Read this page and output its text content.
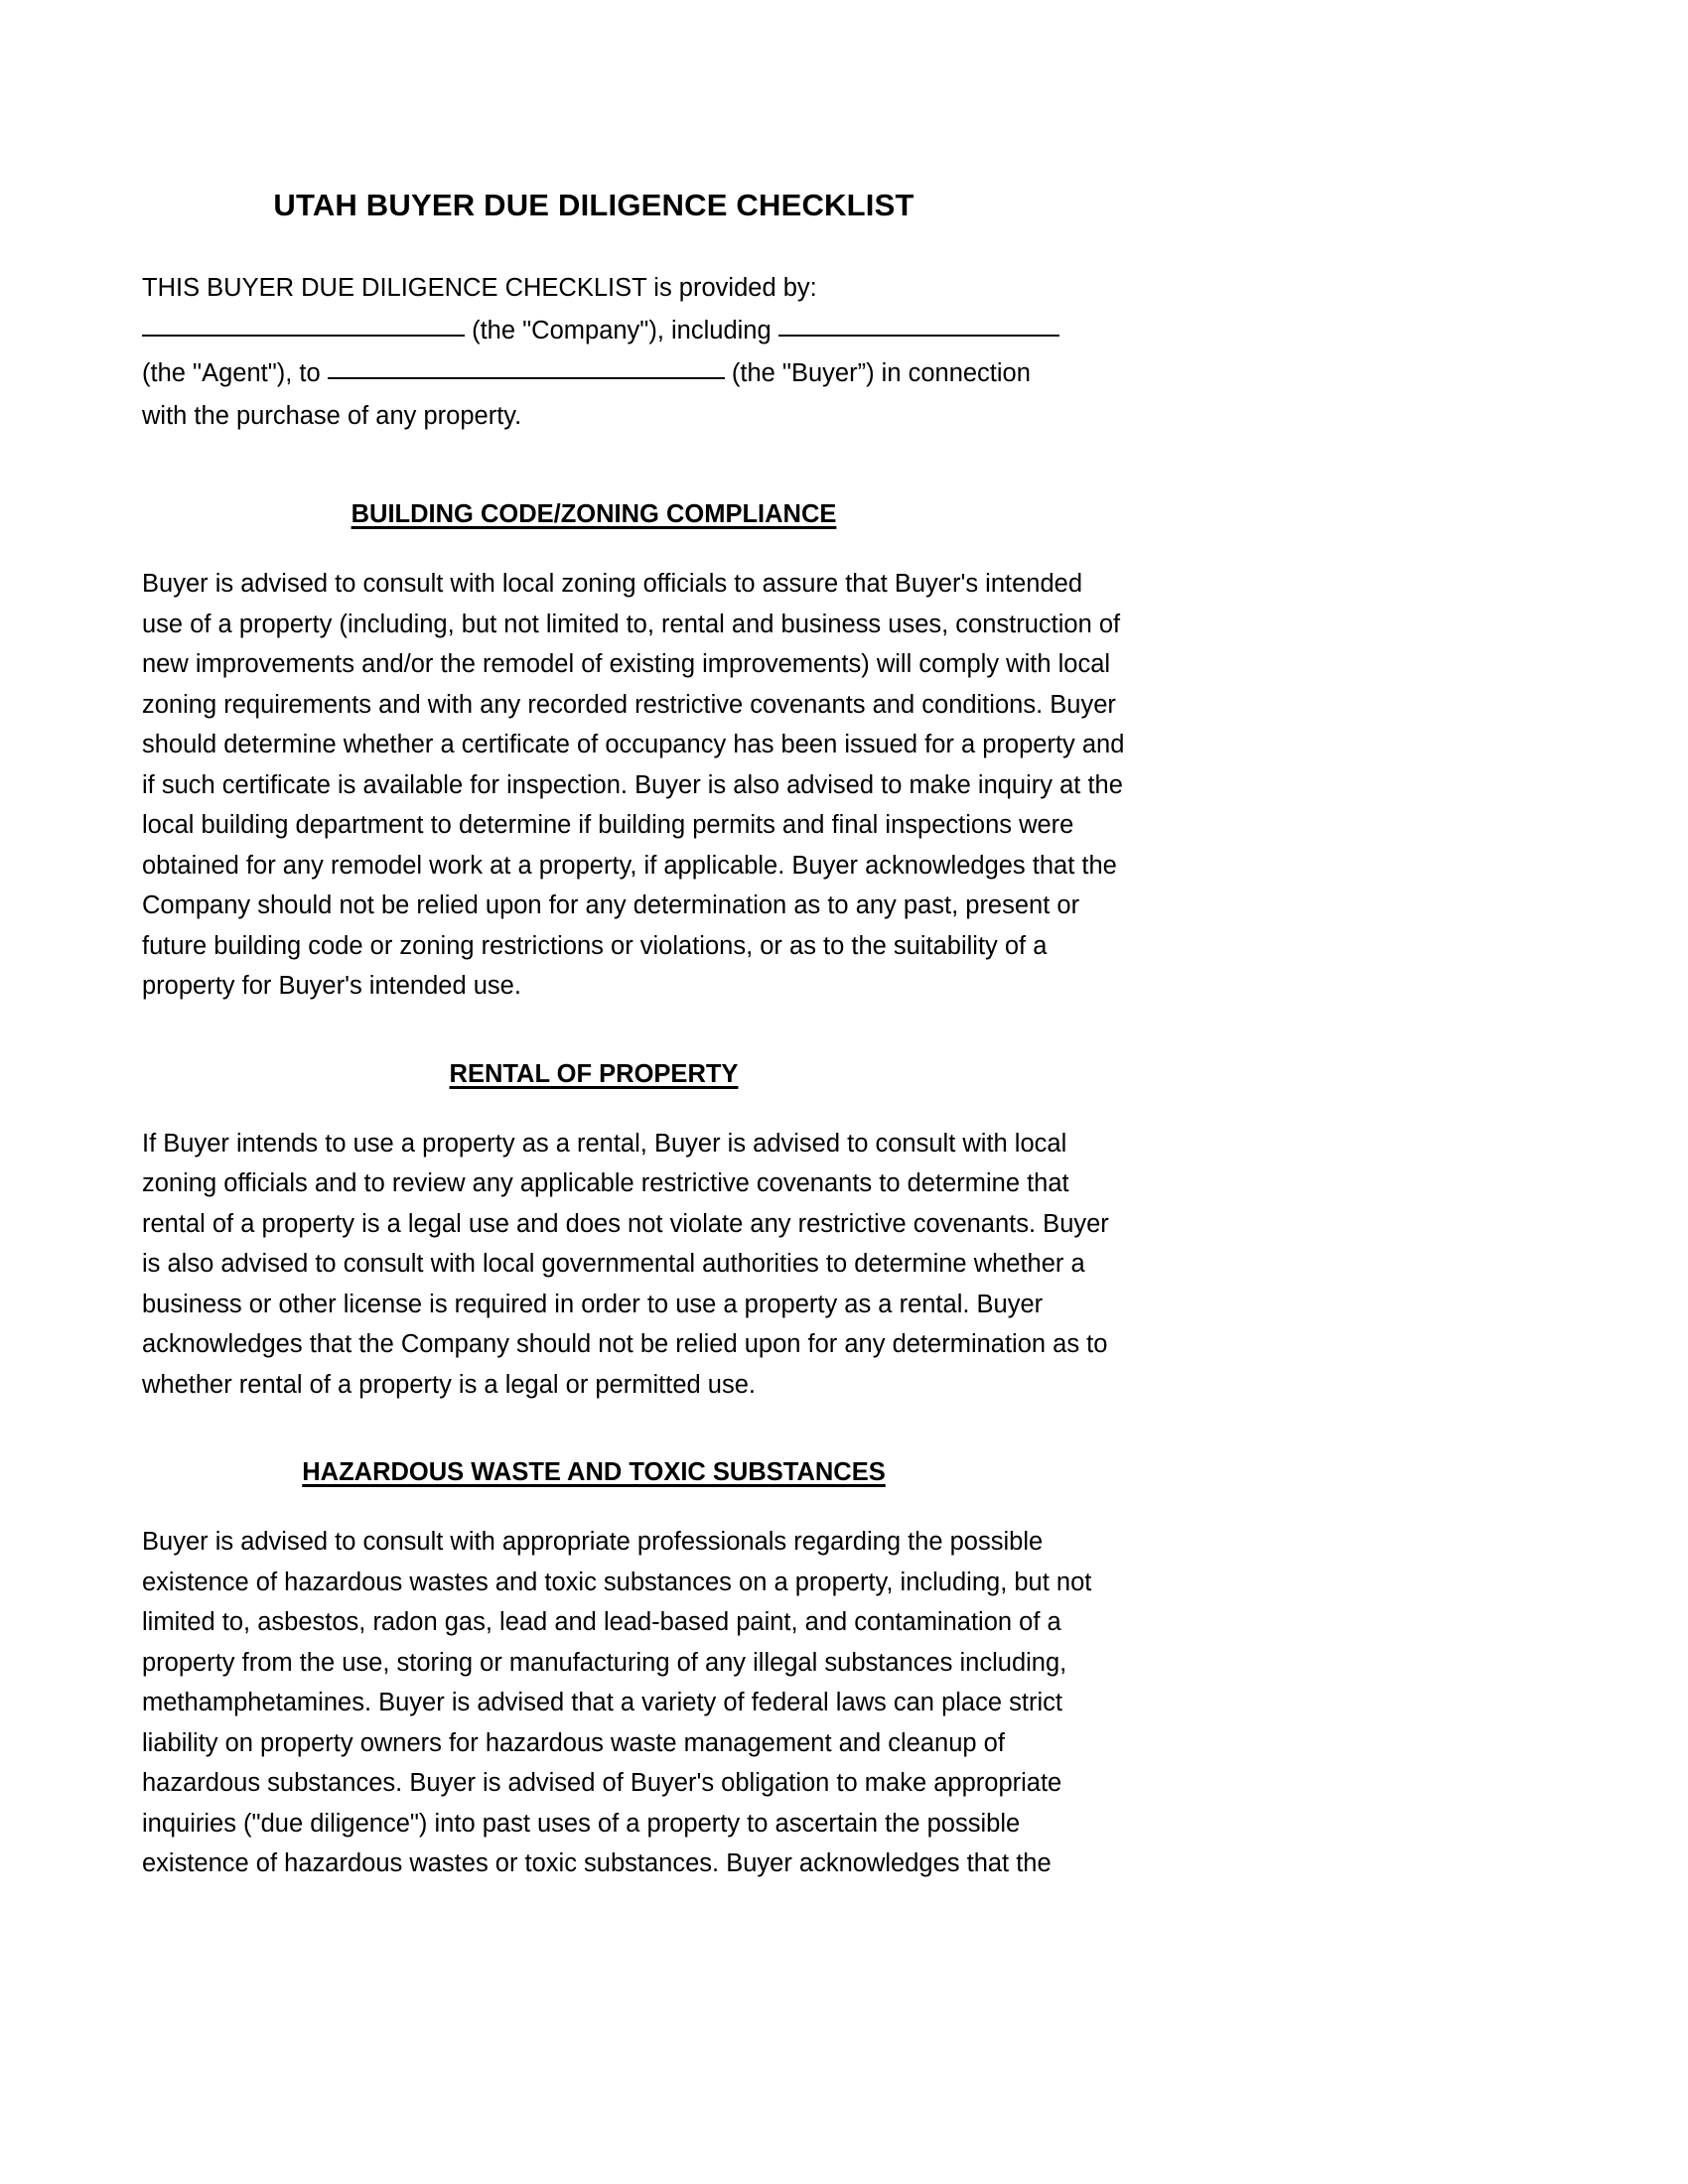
UTAH BUYER DUE DILIGENCE CHECKLIST
THIS BUYER DUE DILIGENCE CHECKLIST is provided by:
(the "Company"), including
(the "Agent"), to	(the "Buyer”) in connection
with the purchase of any property.
BUILDING CODE/ZONING COMPLIANCE

Buyer is advised to consult with local zoning officials to assure that Buyer's intended
use of a property (including, but not limited to, rental and business uses, construction of
new improvements and/or the remodel of existing improvements) will comply with local
zoning requirements and with any recorded restrictive covenants and conditions. Buyer
should determine whether a certificate of occupancy has been issued for a property and
if such certificate is available for inspection. Buyer is also advised to make inquiry at the
local building department to determine if building permits and final inspections were
obtained for any remodel work at a property, if applicable. Buyer acknowledges that the
Company should not be relied upon for any determination as to any past, present or
future building code or zoning restrictions or violations, or as to the suitability of a
property for Buyer's intended use.

RENTAL OF PROPERTY

If Buyer intends to use a property as a rental, Buyer is advised to consult with local
zoning officials and to review any applicable restrictive covenants to determine that
rental of a property is a legal use and does not violate any restrictive covenants. Buyer
is also advised to consult with local governmental authorities to determine whether a
business or other license is required in order to use a property as a rental. Buyer
acknowledges that the Company should not be relied upon for any determination as to
whether rental of a property is a legal or permitted use.

HAZARDOUS WASTE AND TOXIC SUBSTANCES

Buyer is advised to consult with appropriate professionals regarding the possible
existence of hazardous wastes and toxic substances on a property, including, but not
limited to, asbestos, radon gas, lead and lead-based paint, and contamination of a
property from the use, storing or manufacturing of any illegal substances including,
methamphetamines. Buyer is advised that a variety of federal laws can place strict
liability on property owners for hazardous waste management and cleanup of
hazardous substances. Buyer is advised of Buyer's obligation to make appropriate
inquiries ("due diligence") into past uses of a property to ascertain the possible
existence of hazardous wastes or toxic substances. Buyer acknowledges that the
